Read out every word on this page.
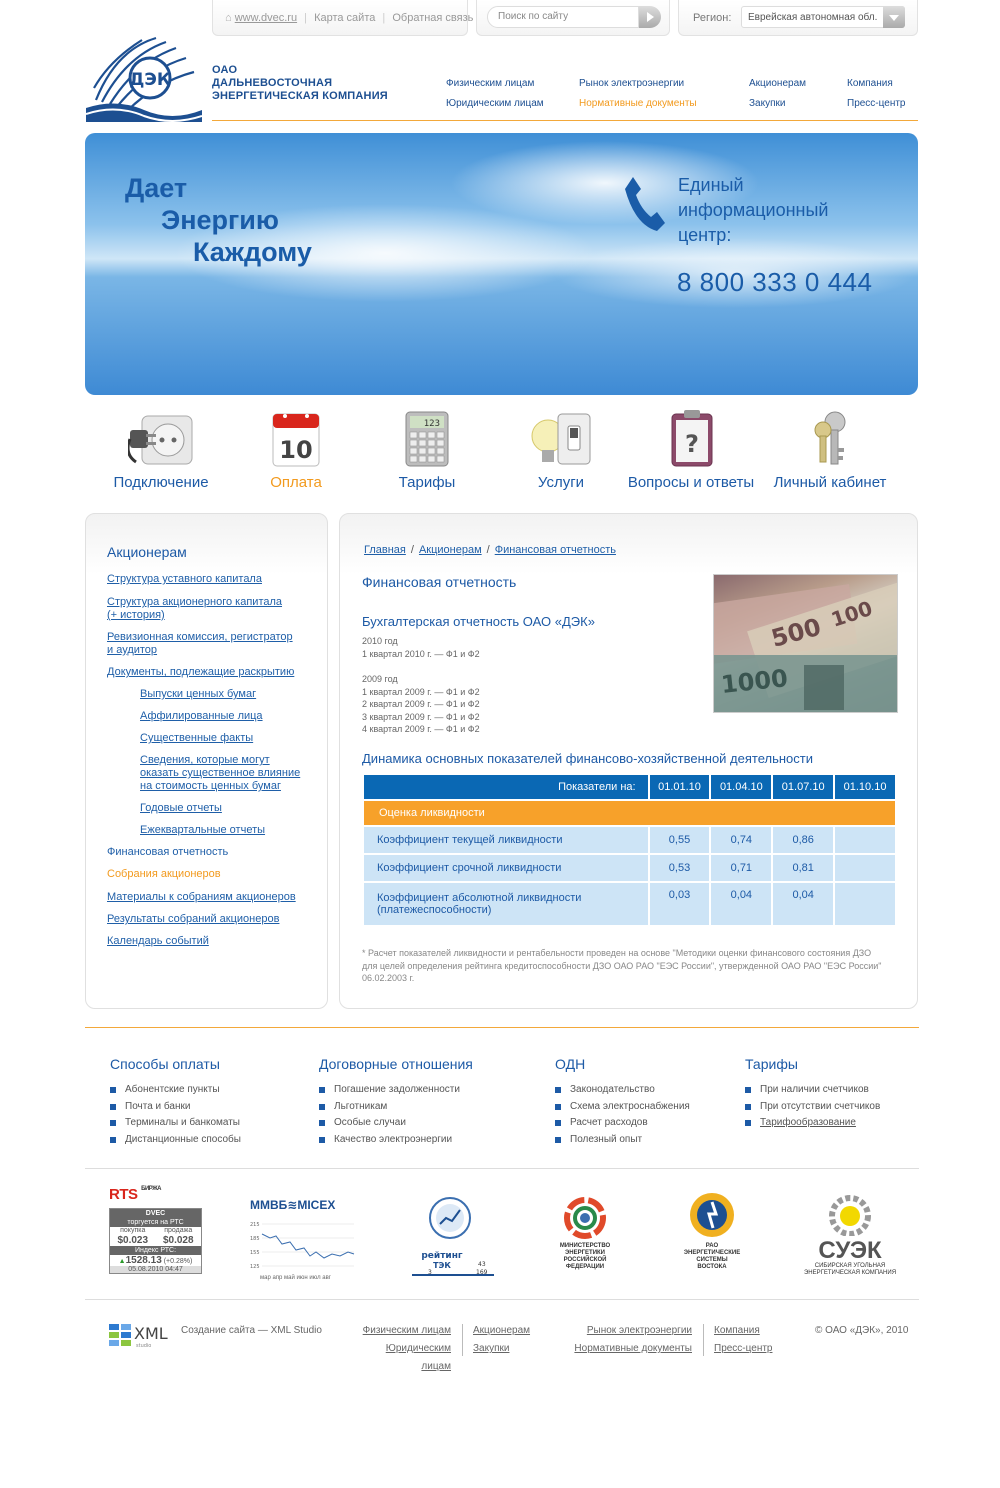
⌂ www.dvec.ru | Карта сайта | Обратная связь	Поиск по сайту	Регион:	Еврейская автономная обл.
ДЭК	ОАО
ДАЛЬНЕВОСТОЧНАЯ
ЭНЕРГЕТИЧЕСКАЯ КОМПАНИЯ
Физическим лицам
Юридическим лицам
Рынок электроэнергии
Нормативные документы
Акционерам
Закупки
Компания
Пресс-центр
Дает
Энергию
Каждому
Единый
информационный
центр:
8 800 333 0 444
Подключение
10
Оплата
123
Тарифы	Услуги
?
Вопросы и ответы	Личный кабинет
Акционерам
Структура уставного капитала
Структура акционерного капитала
(+ история)
Ревизионная комиссия, регистратор
и аудитор
Документы, подлежащие раскрытию
Выпуски ценных бумаг
Аффилированные лица
Существенные факты
Сведения, которые могут
оказать существенное влияние
на стоимость ценных бумаг
Годовые отчеты
Ежеквартальные отчеты
Финансовая отчетность
Собрания акционеров
Материалы к собраниям акционеров
Результаты собраний акционеров
Календарь событий
Главная / Акционерам / Финансовая отчетность
Финансовая отчетность
500 100
1000
Бухгалтерская отчетность ОАО «ДЭК»
2010 год
1 квартал 2010 г. — Ф1 и Ф2
2009 год
1 квартал 2009 г. — Ф1 и Ф2
2 квартал 2009 г. — Ф1 и Ф2
3 квартал 2009 г. — Ф1 и Ф2
4 квартал 2009 г. — Ф1 и Ф2
Динамика основных показателей финансово-хозяйственной деятельности
Показатели на:	01.01.10	01.04.10	01.07.10	01.10.10
Оценка ликвидности				
Коэффициент текущей ликвидности	0,55	0,74	0,86	
Коэффициент срочной ликвидности	0,53	0,71	0,81	
Коэффициент абсолютной ликвидности
(платежеспособности)	0,03	0,04	0,04	
* Расчет показателей ликвидности и рентабельности проведен на основе "Методики оценки финансового состояния ДЗО для целей определения рейтинга кредитоспособности ДЗО ОАО РАО "ЕЭС России", утвержденной ОАО РАО "ЕЭС России" 06.02.2003 г.
Способы оплаты
Абонентские пункты
Почта и банки
Терминалы и банкоматы
Дистанционные способы
Договорные отношения
Погашение задолженности
Льготникам
Особые случаи
Качество электроэнергии
ОДН
Законодательство
Схема электроснабжения
Расчет расходов
Полезный опыт
Тарифы
При наличии счетчиков
При отсутствии счетчиков
Тарифообразование
RTS $^{БИРЖА}$
DVEC
торгуется на РТС
покупка
$0.023
продажа
$0.028
Индекс РТС:
▲1528.13 (+0.28%)
05.08.2010 04:47
ММВБ≋MICEX
215
185
155
125
мар апр май июн июл авг
рейтинг
ТЭК
3
43
169
МИНИСТЕРСТВО
ЭНЕРГЕТИКИ
РОССИЙСКОЙ
ФЕДЕРАЦИИ
РАО
ЭНЕРГЕТИЧЕСКИЕ
СИСТЕМЫ
ВОСТОКА
СУЭК
СИБИРСКАЯ УГОЛЬНАЯ
ЭНЕРГЕТИЧЕСКАЯ КОМПАНИЯ
XML
studio
Создание сайта — XML Studio	Физическим лицам
Юридическим лицам
Акционерам
Закупки
Рынок электроэнергии
Нормативные документы
Компания
Пресс-центр
© ОАО «ДЭК», 2010
